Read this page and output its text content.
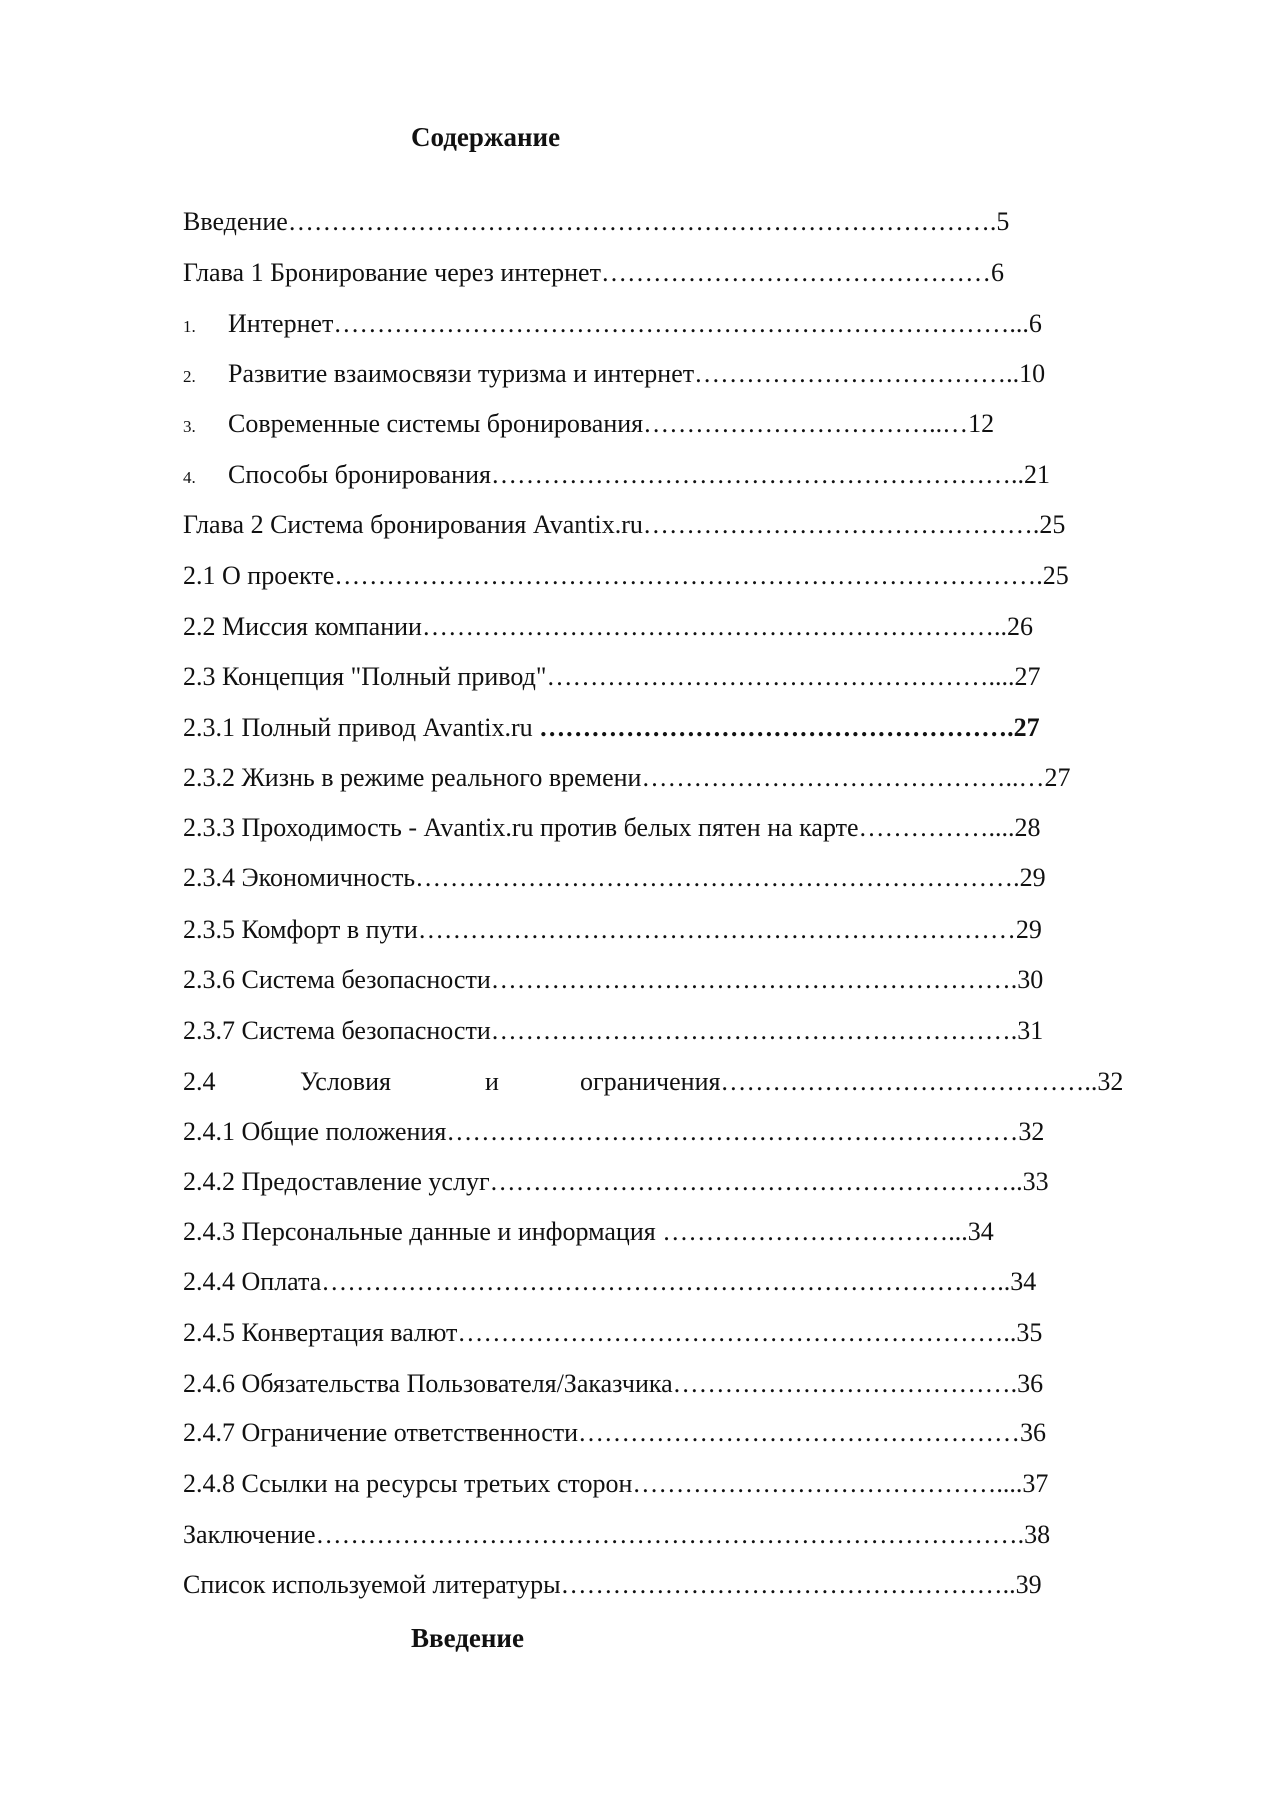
Содержание
Введение……………………………………………………………………….5
Глава 1 Бронирование через интернет………………………………………6
1. Интернет……………………………………………………………………...6
2. Развитие взаимосвязи туризма и интернет………………………………..10
3. Современные системы бронирования……………………………..…12
4. Способы бронирования……………………………………………………..21
Глава 2 Система бронирования Avantix.ru……………………………………….25
2.1 О проекте……………………………………………………………………….25
2.2 Миссия компании…………………………………………………………..26
2.3 Концепция "Полный привод"……………………………………………....27
2.3.1 Полный привод Avantix.ru ……………………………………………….27
2.3.2 Жизнь в режиме реального времени……………………………………..…27
2.3.3 Проходимость - Avantix.ru против белых пятен на карте……………....28
2.3.4 Экономичность…………………………………………………………….29
2.3.5 Комфорт в пути……………………………………………………………29
2.3.6 Система безопасности…………………………………………………….30
2.3.7 Система безопасности…………………………………………………….31
2.4	Условия	и	ограничения……………………………………..32
2.4.1 Общие положения…………………………………………………………32
2.4.2 Предоставление услуг……………………………………………………..33
2.4.3 Персональные данные и информация ……………………………...34
2.4.4 Оплата……………………………………………………………………..34
2.4.5 Конвертация валют………………………………………………………..35
2.4.6 Обязательства Пользователя/Заказчика………………………………….36
2.4.7 Ограничение ответственности……………………………………………36
2.4.8 Ссылки на ресурсы третьих сторон……………………………………....37
Заключение……………………………………………………………………….38
Список используемой литературы……………………………………………..39
Введение
